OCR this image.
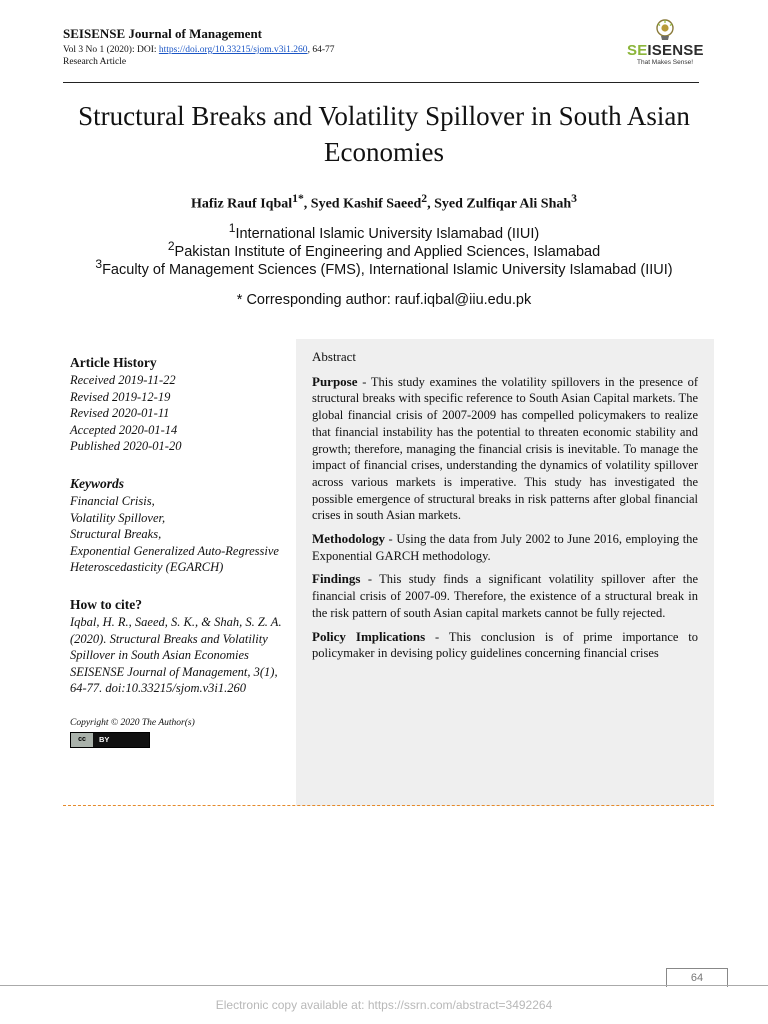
SEISENSE Journal of Management
Vol 3 No 1 (2020): DOI: https://doi.org/10.33215/sjom.v3i1.260, 64-77
Research Article
SEISENSE
That Makes Sense!
Structural Breaks and Volatility Spillover in South Asian Economies
Hafiz Rauf Iqbal$^{1*}$, Syed Kashif Saeed$^2$, Syed Zulfiqar Ali Shah$^3$
$^1$International Islamic University Islamabad (IIUI)
$^2$Pakistan Institute of Engineering and Applied Sciences, Islamabad
$^3$Faculty of Management Sciences (FMS), International Islamic University Islamabad (IIUI)
* Corresponding author: rauf.iqbal@iiu.edu.pk
Article History
Received 2019-11-22
Revised 2019-12-19
Revised 2020-01-11
Accepted 2020-01-14
Published 2020-01-20
Keywords
Financial Crisis,
Volatility Spillover,
Structural Breaks,
Exponential Generalized Auto-Regressive Heteroscedasticity (EGARCH)
How to cite?
Iqbal, H. R., Saeed, S. K., & Shah, S. Z. A. (2020). Structural Breaks and Volatility Spillover in South Asian Economies SEISENSE Journal of Management, 3(1), 64-77. doi:10.33215/sjom.v3i1.260
Copyright © 2020 The Author(s)
cc	BY
Abstract

Purpose - This study examines the volatility spillovers in the presence of structural breaks with specific reference to South Asian Capital markets. The global financial crisis of 2007-2009 has compelled policymakers to realize that financial instability has the potential to threaten economic stability and growth; therefore, managing the financial crisis is inevitable. To manage the impact of financial crises, understanding the dynamics of volatility spillover across various markets is imperative. This study has investigated the possible emergence of structural breaks in risk patterns after global financial crises in south Asian markets.

Methodology - Using the data from July 2002 to June 2016, employing the Exponential GARCH methodology.

Findings - This study finds a significant volatility spillover after the financial crisis of 2007-09. Therefore, the existence of a structural break in the risk pattern of south Asian capital markets cannot be fully rejected.

Policy Implications - This conclusion is of prime importance to policymaker in devising policy guidelines concerning financial crises

64
Electronic copy available at: https://ssrn.com/abstract=3492264
